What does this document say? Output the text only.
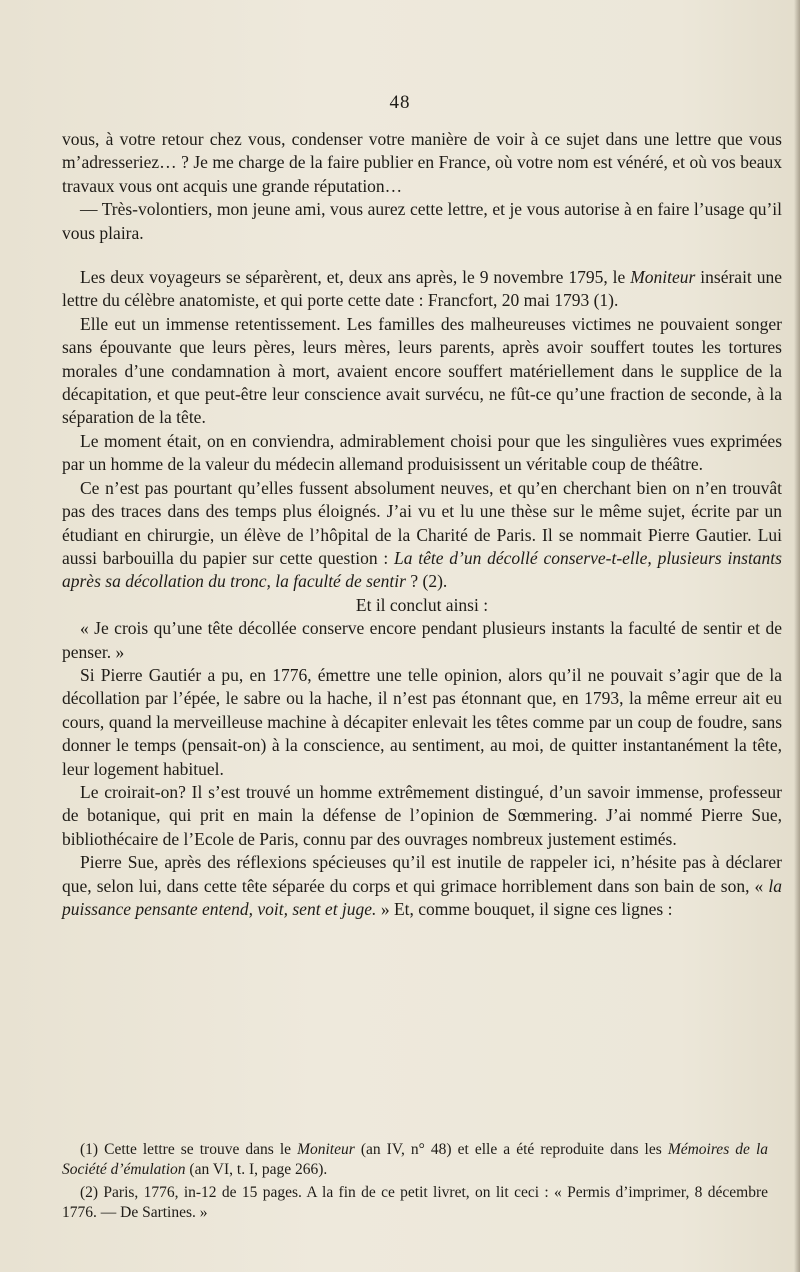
48

vous, à votre retour chez vous, condenser votre manière de voir à ce sujet dans une lettre que vous m’adresseriez… ? Je me charge de la faire publier en France, où votre nom est vénéré, et où vos beaux travaux vous ont acquis une grande réputation…

— Très-volontiers, mon jeune ami, vous aurez cette lettre, et je vous autorise à en faire l’usage qu’il vous plaira.

Les deux voyageurs se séparèrent, et, deux ans après, le 9 novembre 1795, le Moniteur insérait une lettre du célèbre anatomiste, et qui porte cette date : Francfort, 20 mai 1793 (1).

Elle eut un immense retentissement. Les familles des malheureuses victimes ne pouvaient songer sans épouvante que leurs pères, leurs mères, leurs parents, après avoir souffert toutes les tortures morales d’une condamnation à mort, avaient encore souffert matériellement dans le supplice de la décapitation, et que peut-être leur conscience avait survécu, ne fût-ce qu’une fraction de seconde, à la séparation de la tête.

Le moment était, on en conviendra, admirablement choisi pour que les singulières vues exprimées par un homme de la valeur du médecin allemand produisissent un véritable coup de théâtre.

Ce n’est pas pourtant qu’elles fussent absolument neuves, et qu’en cherchant bien on n’en trouvât pas des traces dans des temps plus éloignés. J’ai vu et lu une thèse sur le même sujet, écrite par un étudiant en chirurgie, un élève de l’hôpital de la Charité de Paris. Il se nommait Pierre Gautier. Lui aussi barbouilla du papier sur cette question : La tête d’un décollé conserve-t-elle, plusieurs instants après sa décollation du tronc, la faculté de sentir ? (2).

Et il conclut ainsi :

« Je crois qu’une tête décollée conserve encore pendant plusieurs instants la faculté de sentir et de penser. »

Si Pierre Gautiér a pu, en 1776, émettre une telle opinion, alors qu’il ne pouvait s’agir que de la décollation par l’épée, le sabre ou la hache, il n’est pas étonnant que, en 1793, la même erreur ait eu cours, quand la merveilleuse machine à décapiter enlevait les têtes comme par un coup de foudre, sans donner le temps (pensait-on) à la conscience, au sentiment, au moi, de quitter instantanément la tête, leur logement habituel.

Le croirait-on? Il s’est trouvé un homme extrêmement distingué, d’un savoir immense, professeur de botanique, qui prit en main la défense de l’opinion de Sœmmering. J’ai nommé Pierre Sue, bibliothécaire de l’Ecole de Paris, connu par des ouvrages nombreux justement estimés.

Pierre Sue, après des réflexions spécieuses qu’il est inutile de rappeler ici, n’hésite pas à déclarer que, selon lui, dans cette tête séparée du corps et qui grimace horriblement dans son bain de son, « la puissance pensante entend, voit, sent et juge. » Et, comme bouquet, il signe ces lignes :

(1) Cette lettre se trouve dans le Moniteur (an IV, n° 48) et elle a été reproduite dans les Mémoires de la Société d’émulation (an VI, t. I, page 266).

(2) Paris, 1776, in-12 de 15 pages. A la fin de ce petit livret, on lit ceci : « Permis d’imprimer, 8 décembre 1776. — De Sartines. »
